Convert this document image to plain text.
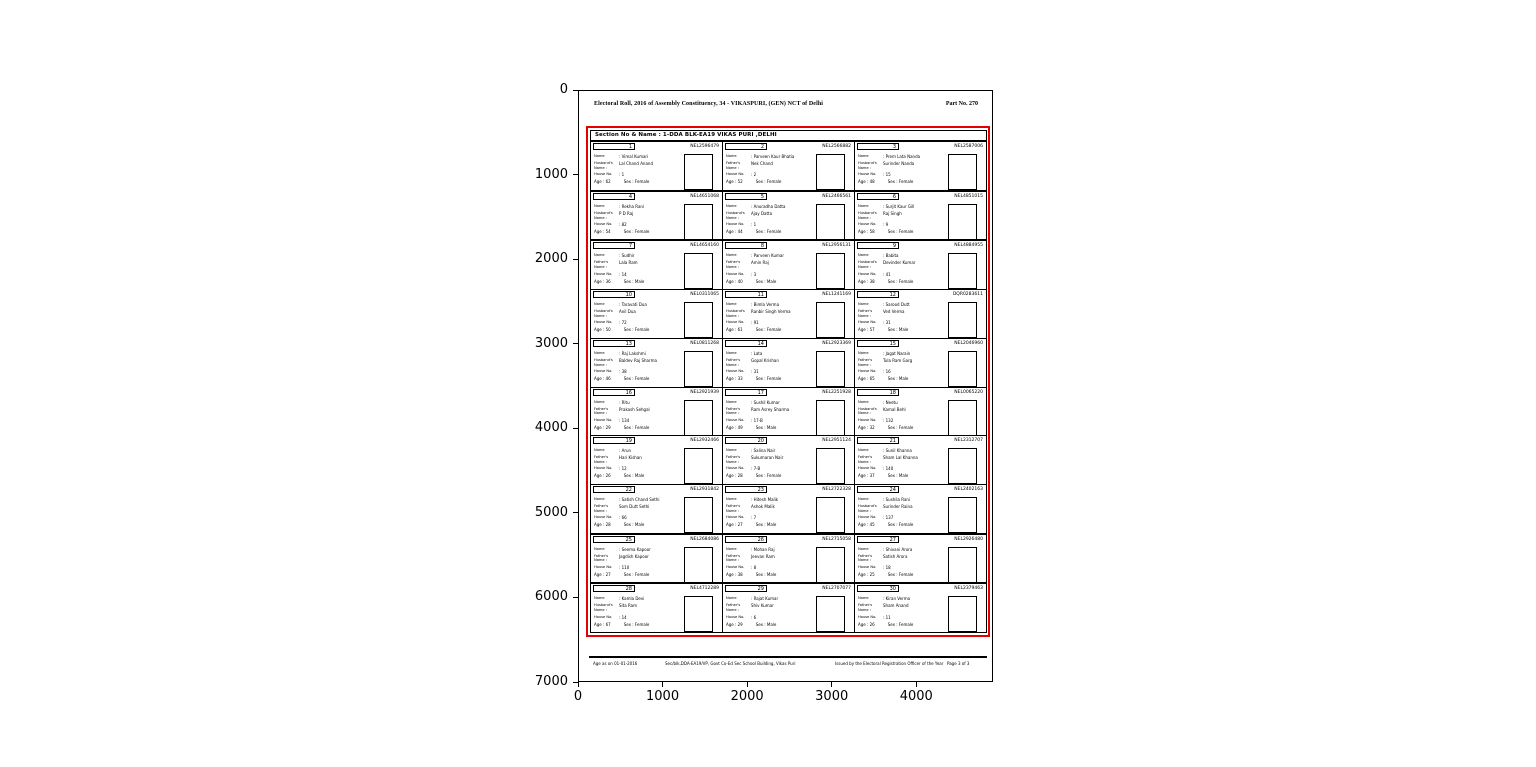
0
1000
2000
3000
4000
5000
6000
7000
0	1000	2000	3000	4000
Electoral Roll, 2016 of Assembly Constituency, 34 - VIKASPURI, (GEN) NCT of Delhi	Part No. 270
Section No & Name : 1-DDA BLK-EA19 VIKAS PURI ,DELHI
1	NEL2596479
Name	: Vimal Kumari
Husband's Name :
Lal Chand Anand
House No.	: 1
Age : 62	Sex : Female
2	NEL2566882
Name	: Parveen Kaur Bhatia
Father's Name :
Nek Chand
House No.	: 2
Age : 52	Sex : Female
3	NEL2587006
Name	: Prem Lata Nanda
Husband's Name :
Surinder Nanda
House No.	: 15
Age : 48	Sex : Female
4	NEL4651068
Name	: Rekha Rani
Husband's Name :
P D Raj
House No.	: 82
Age : 54	Sex : Female
5	NEL2466561
Name	: Anuradha Datta
Husband's Name :
Ajay Datta
House No.	: 1
Age : 44	Sex : Female
6	NEL4851015
Name	: Surjit Kaur Gill
Husband's Name :
Raj Singh
House No.	: 9
Age : 58	Sex : Female
7	NEL4654160
Name	: Sudhir
Father's Name :
Lala Ram
House No.	: 14
Age : 36	Sex : Male
8	NEL2956131
Name	: Parveen Kumar
Father's Name :
Amin Raj
House No.	: 3
Age : 40	Sex : Male
9	NEL4884955
Name	: Babita
Husband's Name :
Devinder Kumar
House No.	: 41
Age : 38	Sex : Female
10	NEL0311065
Name	: Taravati Dua
Husband's Name :
Anil Dua
House No.	: 72
Age : 50	Sex : Female
11	NEL1241169
Name	: Bimla Verma
Husband's Name :
Ranbir Singh Verma
House No.	: 91
Age : 61	Sex : Female
12	DQR0283611
Name	: Sarood Dutt
Father's Name :
Ved Verma
House No.	: 31
Age : 57	Sex : Male
13	NEL0811268
Name	: Raj Lakshmi
Husband's Name :
Baldev Raj Sharma
House No.	: 38
Age : 46	Sex : Female
14	NEL2923369
Name	: Lata
Father's Name :
Gopal Krishan
House No.	: 31
Age : 33	Sex : Female
15	NEL2046960
Name	: Jagat Narain
Father's Name :
Tula Ram Garg
House No.	: 16
Age : 65	Sex : Male
16	NEL2921939
Name	: Ritu
Father's Name :
Prakash Sehgal
House No.	: 134
Age : 29	Sex : Female
17	NEL2251928
Name	: Sushil Kumar
Father's Name :
Ram Asrey Sharma
House No.	: 17-B
Age : 49	Sex : Male
18	NEL0065220
Name	: Neetu
Husband's Name :
Kamal Behl
House No.	: 132
Age : 32	Sex : Female
19	NEL2932466
Name	: Arun
Father's Name :
Hari Kishan
House No.	: 12
Age : 26	Sex : Male
20	NEL2951124
Name	: Salina Nair
Father's Name :
Sukumaran Nair
House No.	: 7-B
Age : 28	Sex : Female
21	NEL2312707
Name	: Sunil Khanna
Father's Name :
Sham Lal Khanna
House No.	: 140
Age : 37	Sex : Male
22	NEL2931842
Name	: Satish Chand Sethi
Father's Name :
Som Dutt Sethi
House No.	: 66
Age : 28	Sex : Male
23	NEL2722328
Name	: Hitesh Malik
Father's Name :
Ashok Malik
House No.	: 7
Age : 27	Sex : Male
24	NEL2402163
Name	: Sushila Rani
Husband's Name :
Surinder Raina
House No.	: 137
Age : 45	Sex : Female
25	NEL2684086
Name	: Seema Kapoor
Father's Name :
Jagdish Kapoor
House No.	: 110
Age : 27	Sex : Female
26	NEL2715058
Name	: Mohan Raj
Father's Name :
Jeevan Ram
House No.	: 8
Age : 38	Sex : Male
27	NEL2926480
Name	: Shivani Arora
Father's Name :
Satish Arora
House No.	: 18
Age : 25	Sex : Female
28	NEL4712289
Name	: Kamla Devi
Husband's Name :
Sita Ram
House No.	: 14
Age : 67	Sex : Female
29	NEL2707077
Name	: Rajat Kumar
Father's Name :
Shiv Kumar
House No.	: 6
Age : 29	Sex : Male
30	NEL2379463
Name	: Kiran Verma
Father's Name :
Sham Anand
House No.	: 11
Age : 26	Sex : Female
Age as on 01-01-2016	Sec/blk,DDA-EA19/VP, Govt Co-Ed Sec School Building, Vikas Puri	Issued by the Electoral Registration Officer of the Year Page 3 of 3
